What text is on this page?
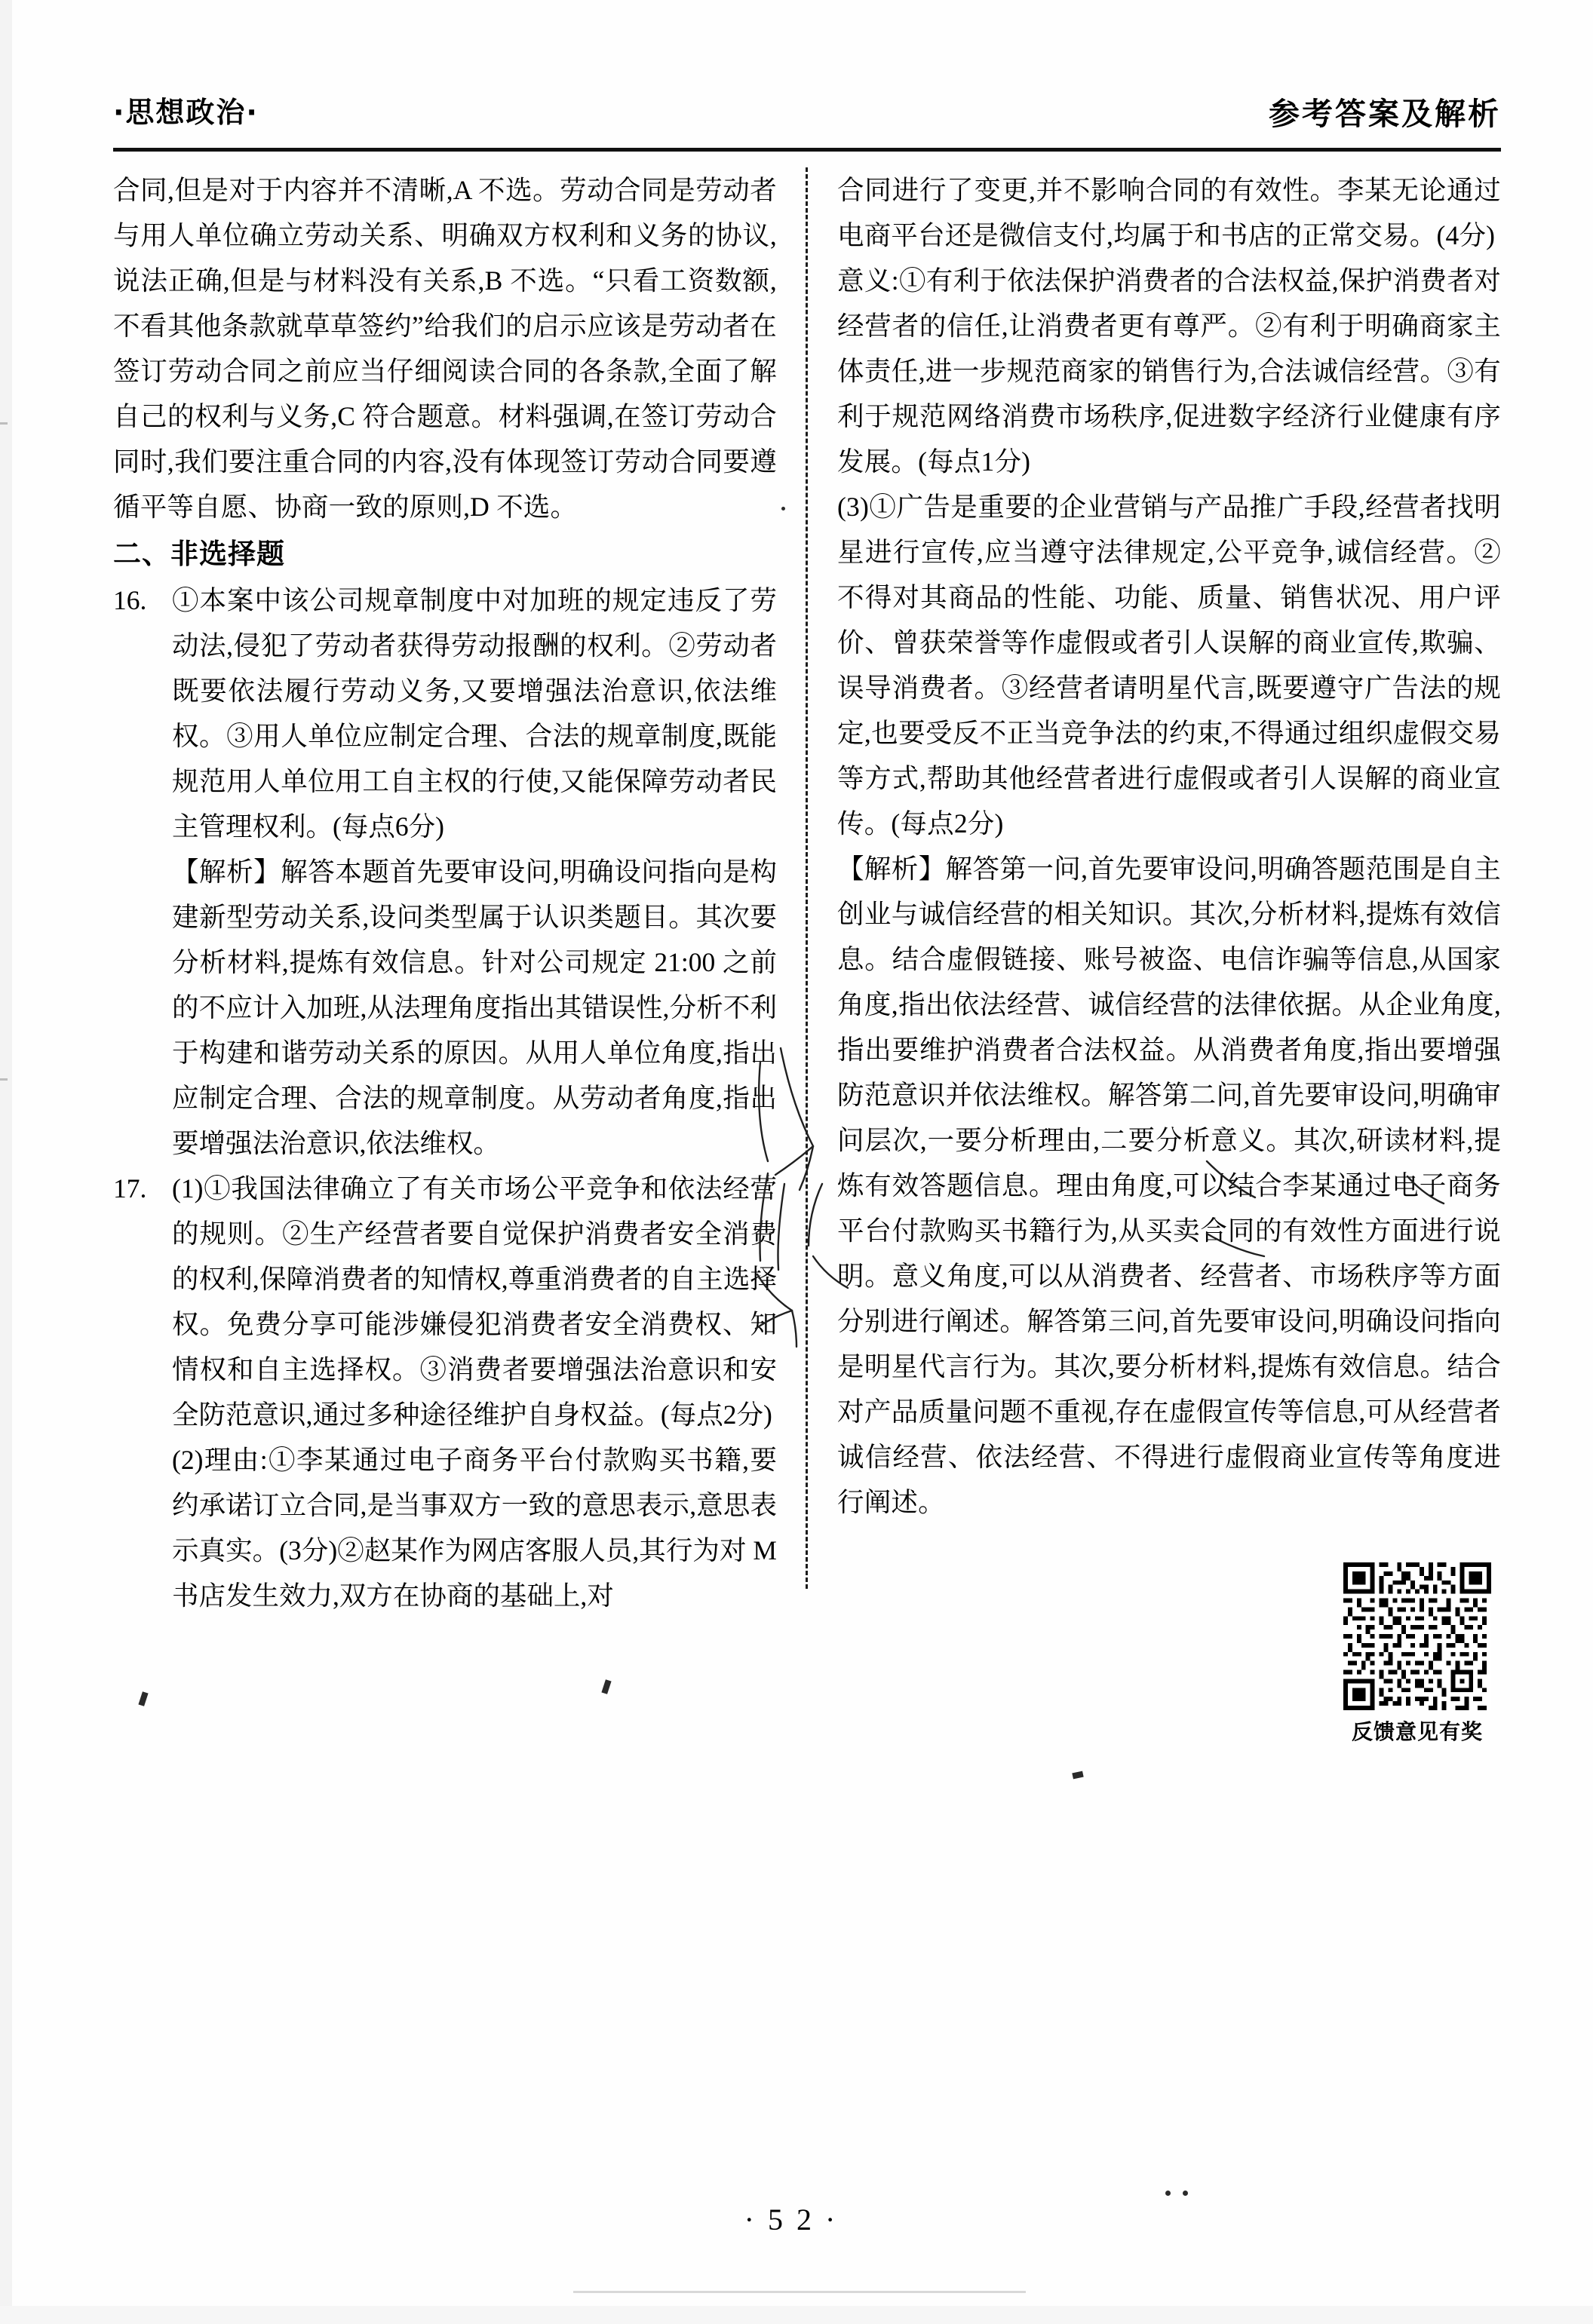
·思想政治·	参考答案及解析

合同,但是对于内容并不清晰,A 不选。劳动合同是劳动者与用人单位确立劳动关系、明确双方权利和义务的协议,说法正确,但是与材料没有关系,B 不选。“只看工资数额,不看其他条款就草草签约”给我们的启示应该是劳动者在签订劳动合同之前应当仔细阅读合同的各条款,全面了解自己的权利与义务,C 符合题意。材料强调,在签订劳动合同时,我们要注重合同的内容,没有体现签订劳动合同要遵循平等自愿、协商一致的原则,D 不选。

二、非选择题
16. ①本案中该公司规章制度中对加班的规定违反了劳动法,侵犯了劳动者获得劳动报酬的权利。②劳动者既要依法履行劳动义务,又要增强法治意识,依法维权。③用人单位应制定合理、合法的规章制度,既能规范用人单位用工自主权的行使,又能保障劳动者民主管理权利。(每点6分)
【解析】解答本题首先要审设问,明确设问指向是构建新型劳动关系,设问类型属于认识类题目。其次要分析材料,提炼有效信息。针对公司规定 21:00 之前的不应计入加班,从法理角度指出其错误性,分析不利于构建和谐劳动关系的原因。从用人单位角度,指出应制定合理、合法的规章制度。从劳动者角度,指出要增强法治意识,依法维权。
17. (1)①我国法律确立了有关市场公平竞争和依法经营的规则。②生产经营者要自觉保护消费者安全消费的权利,保障消费者的知情权,尊重消费者的自主选择权。免费分享可能涉嫌侵犯消费者安全消费权、知情权和自主选择权。③消费者要增强法治意识和安全防范意识,通过多种途径维护自身权益。(每点2分)
(2)理由:①李某通过电子商务平台付款购买书籍,要约承诺订立合同,是当事双方一致的意思表示,意思表示真实。(3分)②赵某作为网店客服人员,其行为对 M 书店发生效力,双方在协商的基础上,对

合同进行了变更,并不影响合同的有效性。李某无论通过电商平台还是微信支付,均属于和书店的正常交易。(4分)

意义:①有利于依法保护消费者的合法权益,保护消费者对经营者的信任,让消费者更有尊严。②有利于明确商家主体责任,进一步规范商家的销售行为,合法诚信经营。③有利于规范网络消费市场秩序,促进数字经济行业健康有序发展。(每点1分)

(3)①广告是重要的企业营销与产品推广手段,经营者找明星进行宣传,应当遵守法律规定,公平竞争,诚信经营。②不得对其商品的性能、功能、质量、销售状况、用户评价、曾获荣誉等作虚假或者引人误解的商业宣传,欺骗、误导消费者。③经营者请明星代言,既要遵守广告法的规定,也要受反不正当竞争法的约束,不得通过组织虚假交易等方式,帮助其他经营者进行虚假或者引人误解的商业宣传。(每点2分)

【解析】解答第一问,首先要审设问,明确答题范围是自主创业与诚信经营的相关知识。其次,分析材料,提炼有效信息。结合虚假链接、账号被盗、电信诈骗等信息,从国家角度,指出依法经营、诚信经营的法律依据。从企业角度,指出要维护消费者合法权益。从消费者角度,指出要增强防范意识并依法维权。解答第二问,首先要审设问,明确审问层次,一要分析理由,二要分析意义。其次,研读材料,提炼有效答题信息。理由角度,可以结合李某通过电子商务平台付款购买书籍行为,从买卖合同的有效性方面进行说明。意义角度,可以从消费者、经营者、市场秩序等方面分别进行阐述。解答第三问,首先要审设问,明确设问指向是明星代言行为。其次,要分析材料,提炼有效信息。结合对产品质量问题不重视,存在虚假宣传等信息,可从经营者诚信经营、依法经营、不得进行虚假商业宣传等角度进行阐述。

反馈意见有奖
·52·
